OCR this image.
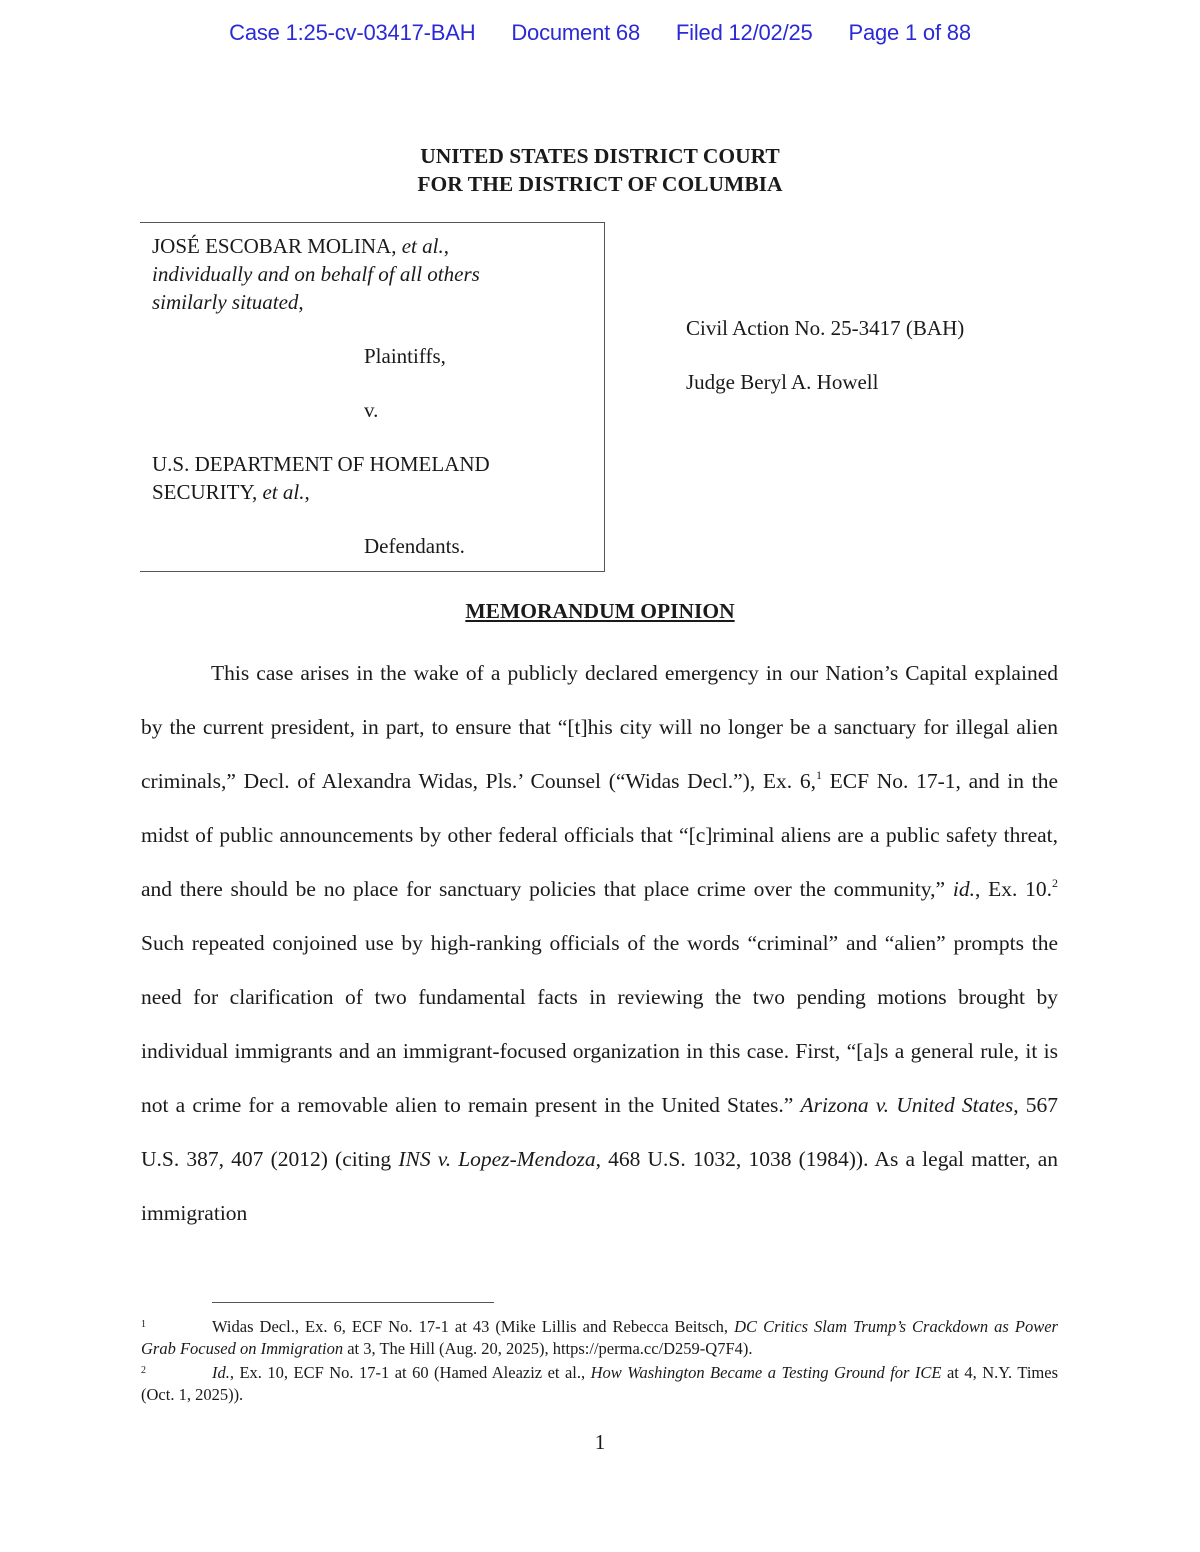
Case 1:25-cv-03417-BAH Document 68 Filed 12/02/25 Page 1 of 88
UNITED STATES DISTRICT COURT
FOR THE DISTRICT OF COLUMBIA
JOSÉ ESCOBAR MOLINA, et al.,
individually and on behalf of all others
similarly situated,
Plaintiffs,
v.
U.S. DEPARTMENT OF HOMELAND
SECURITY, et al.,
Defendants.
Civil Action No. 25-3417 (BAH)
Judge Beryl A. Howell
MEMORANDUM OPINION

This case arises in the wake of a publicly declared emergency in our Nation’s Capital explained by the current president, in part, to ensure that “[t]his city will no longer be a sanctuary for illegal alien criminals,” Decl. of Alexandra Widas, Pls.’ Counsel (“Widas Decl.”), Ex. 6,$^1$ ECF No. 17-1, and in the midst of public announcements by other federal officials that “[c]riminal aliens are a public safety threat, and there should be no place for sanctuary policies that place crime over the community,” id., Ex. 10.$^2$ Such repeated conjoined use by high-ranking officials of the words “criminal” and “alien” prompts the need for clarification of two fundamental facts in reviewing the two pending motions brought by individual immigrants and an immigrant-focused organization in this case. First, “[a]s a general rule, it is not a crime for a removable alien to remain present in the United States.” Arizona v. United States, 567 U.S. 387, 407 (2012) (citing INS v. Lopez-Mendoza, 468 U.S. 1032, 1038 (1984)). As a legal matter, an immigration

1	Widas Decl., Ex. 6, ECF No. 17-1 at 43 (Mike Lillis and Rebecca Beitsch, DC Critics Slam Trump’s Crackdown as Power Grab Focused on Immigration at 3, The Hill (Aug. 20, 2025), https://perma.cc/D259-Q7F4).

2	Id., Ex. 10, ECF No. 17-1 at 60 (Hamed Aleaziz et al., How Washington Became a Testing Ground for ICE at 4, N.Y. Times (Oct. 1, 2025)).

1
